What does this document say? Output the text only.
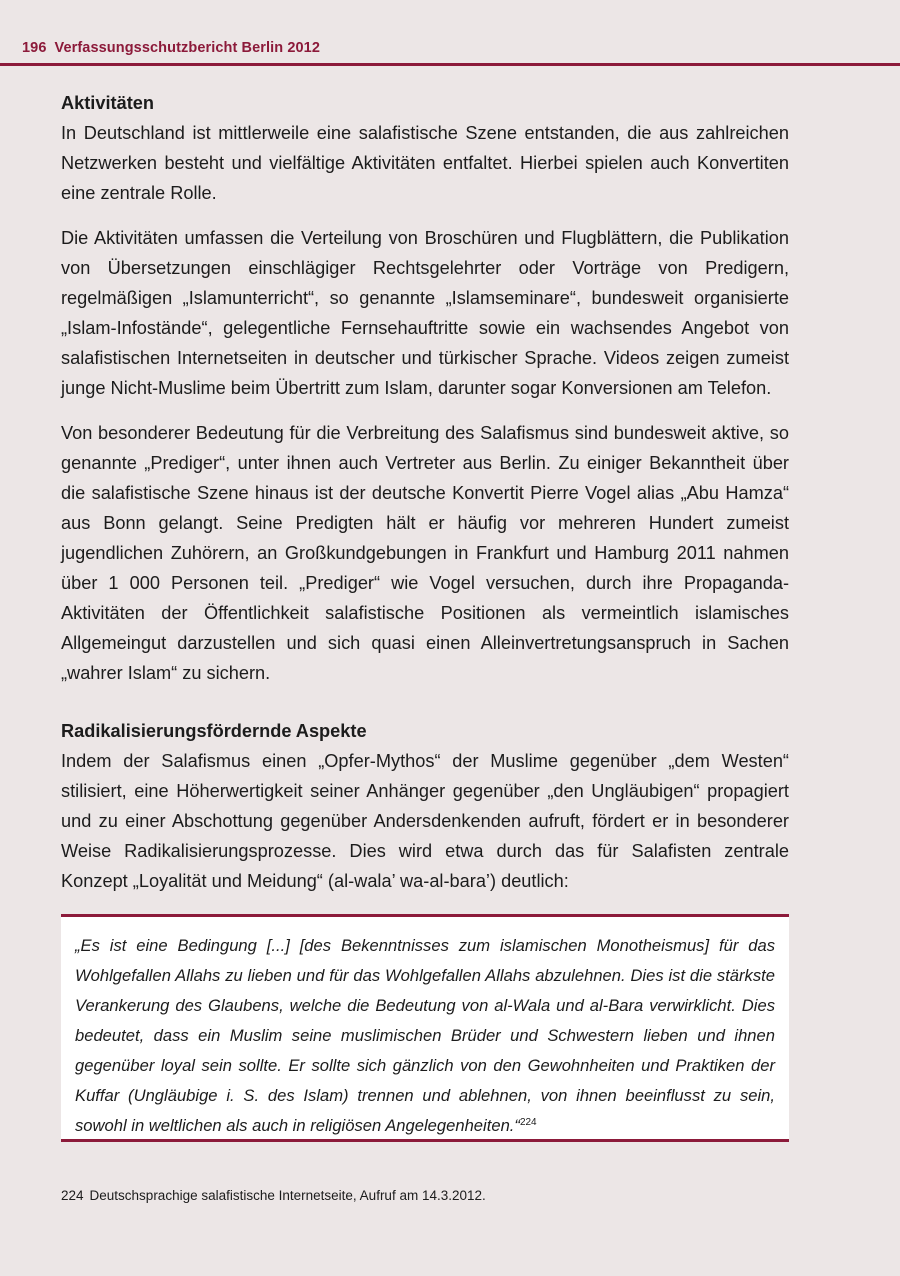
196 Verfassungsschutzbericht Berlin 2012
Aktivitäten

In Deutschland ist mittlerweile eine salafistische Szene entstanden, die aus zahlreichen Netzwerken besteht und vielfältige Aktivitäten entfaltet. Hierbei spielen auch Konvertiten eine zentrale Rolle.

Die Aktivitäten umfassen die Verteilung von Broschüren und Flugblättern, die Publikation von Übersetzungen einschlägiger Rechtsgelehrter oder Vorträge von Predigern, regelmäßigen „Islamunterricht“, so genannte „Islamseminare“, bundesweit organisierte „Islam-Infostände“, gelegentliche Fernsehauftritte sowie ein wachsendes Angebot von salafistischen Internetseiten in deutscher und türkischer Sprache. Videos zeigen zumeist junge Nicht-Muslime beim Übertritt zum Islam, darunter sogar Konversionen am Telefon.

Von besonderer Bedeutung für die Verbreitung des Salafismus sind bundesweit aktive, so genannte „Prediger“, unter ihnen auch Vertreter aus Berlin. Zu einiger Bekanntheit über die salafistische Szene hinaus ist der deutsche Konvertit Pierre Vogel alias „Abu Hamza“ aus Bonn gelangt. Seine Predigten hält er häufig vor mehreren Hundert zumeist jugendlichen Zuhörern, an Großkundgebungen in Frankfurt und Hamburg 2011 nahmen über 1 000 Personen teil. „Prediger“ wie Vogel versuchen, durch ihre Propaganda-Aktivitäten der Öffentlichkeit salafistische Positionen als vermeintlich islamisches Allgemeingut darzustellen und sich quasi einen Alleinvertretungsanspruch in Sachen „wahrer Islam“ zu sichern.

Radikalisierungsfördernde Aspekte

Indem der Salafismus einen „Opfer-Mythos“ der Muslime gegenüber „dem Westen“ stilisiert, eine Höherwertigkeit seiner Anhänger gegenüber „den Ungläubigen“ propagiert und zu einer Abschottung gegenüber Andersdenkenden aufruft, fördert er in besonderer Weise Radikalisierungsprozesse. Dies wird etwa durch das für Salafisten zentrale Konzept „Loyalität und Meidung“ (al-wala’ wa-al-bara’) deutlich:

„Es ist eine Bedingung [...] [des Bekenntnisses zum islamischen Monotheismus] für das Wohlgefallen Allahs zu lieben und für das Wohlgefallen Allahs abzulehnen. Dies ist die stärkste Verankerung des Glaubens, welche die Bedeutung von al-Wala und al-Bara verwirklicht. Dies bedeutet, dass ein Muslim seine muslimischen Brüder und Schwestern lieben und ihnen gegenüber loyal sein sollte. Er sollte sich gänzlich von den Gewohnheiten und Praktiken der Kuffar (Ungläubige i. S. des Islam) trennen und ablehnen, von ihnen beeinflusst zu sein, sowohl in weltlichen als auch in religiösen Angelegenheiten.“$^{224}$

224 Deutschsprachige salafistische Internetseite, Aufruf am 14.3.2012.
